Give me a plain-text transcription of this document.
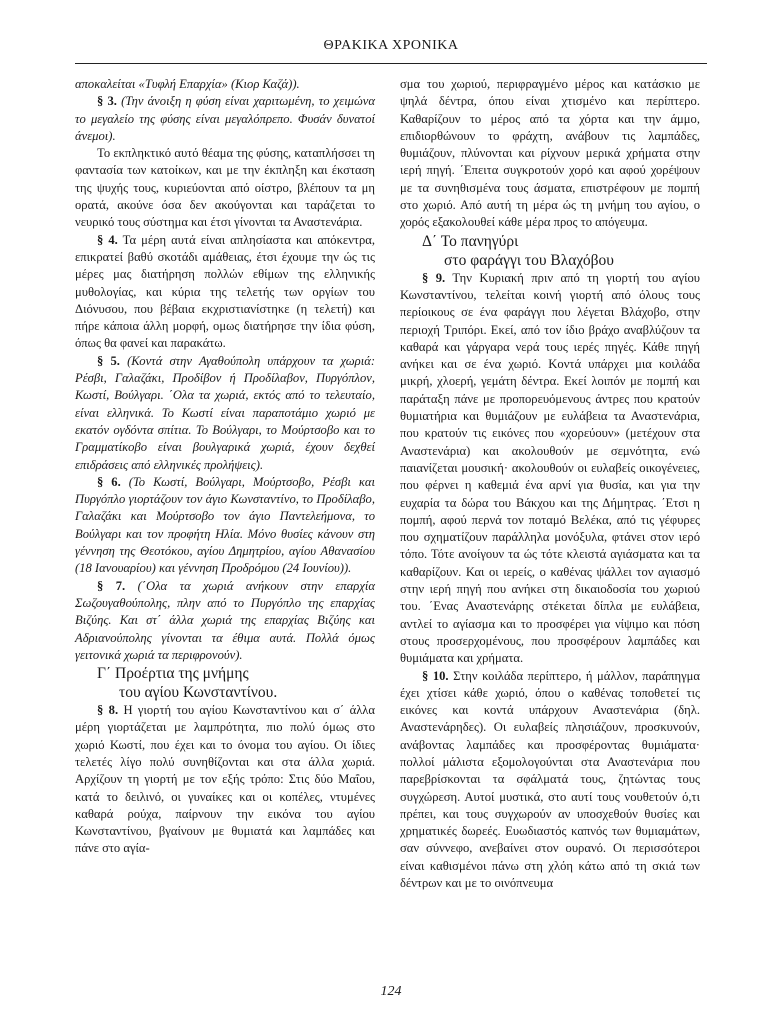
ΘΡΑΚΙΚΑ ΧΡΟΝΙΚΑ

αποκαλείται «Τυφλή Επαρχία» (Κιορ Καζά)).

§ 3. (Την άνοιξη η φύση είναι χαριτωμένη, το χειμώνα το μεγαλείο της φύσης είναι μεγαλόπρεπο. Φυσάν δυνατοί άνεμοι).

Το εκπληκτικό αυτό θέαμα της φύσης, καταπλήσσει τη φαντασία των κατοίκων, και με την έκπληξη και έκσταση της ψυχής τους, κυριεύονται από οίστρο, βλέπουν τα μη ορατά, ακούνε όσα δεν ακούγονται και ταράζεται το νευρικό τους σύστημα και έτσι γίνονται τα Αναστενάρια.

§ 4. Τα μέρη αυτά είναι απλησίαστα και απόκεντρα, επικρατεί βαθύ σκοτάδι αμάθειας, έτσι έχουμε την ώς τις μέρες μας διατήρηση πολλών εθίμων της ελληνικής μυθολογίας, και κύρια της τελετής των οργίων του Διόνυσου, που βέβαια εκχριστιανίστηκε (η τελετή) και πήρε κάποια άλλη μορφή, ομως διατήρησε την ίδια φύση, όπως θα φανεί και παρακάτω.

§ 5. (Κοντά στην Αγαθούπολη υπάρχουν τα χωριά: Ρέσβι, Γαλαζάκι, Προδίβον ή Προδίλαβον, Πυργόπλον, Κωστί, Βούλγαρι. ΄Ολα τα χωριά, εκτός από το τελευταίο, είναι ελληνικά. Το Κωστί είναι παραποτάμιο χωριό με εκατόν ογδόντα σπίτια. Το Βούλγαρι, το Μούρτσοβο και το Γραμματίκοβο είναι βουλγαρικά χωριά, έχουν δεχθεί επιδράσεις από ελληνικές προλήψεις).

§ 6. (Το Κωστί, Βούλγαρι, Μούρτσοβο, Ρέσβι και Πυργόπλο γιορτάζουν τον άγιο Κωνσταντίνο, το Προδίλαβο, Γαλαζάκι και Μούρτσοβο τον άγιο Παντελεήμονα, το Βούλγαρι και τον προφήτη Ηλία. Μόνο θυσίες κάνουν στη γέννηση της Θεοτόκου, αγίου Δημητρίου, αγίου Αθανασίου (18 Ιανουαρίου) και γέννηση Προδρόμου (24 Ιουνίου)).

§ 7. (΄Ολα τα χωριά ανήκουν στην επαρχία Σωζουγαθούπολης, πλην από το Πυργόπλο της επαρχίας Βιζύης. Και στ΄ άλλα χωριά της επαρχίας Βιζύης και Αδριανούπολης γίνονται τα έθιμα αυτά. Πολλά όμως γειτονικά χωριά τα περιφρονούν).

Γ΄ Προέρτια της μνήμης
του αγίου Κωνσταντίνου.

§ 8. Η γιορτή του αγίου Κωνσταντίνου και σ΄ άλλα μέρη γιορτάζεται με λαμπρότητα, πιο πολύ όμως στο χωριό Κωστί, που έχει και το όνομα του αγίου. Οι ίδιες τελετές λίγο πολύ συνηθίζονται και στα άλλα χωριά. Αρχίζουν τη γιορτή με τον εξής τρόπο: Στις δύο Μαΐου, κατά το δειλινό, οι γυναίκες και οι κοπέλες, ντυμένες καθαρά ρούχα, παίρνουν την εικόνα του αγίου Κωνσταντίνου, βγαίνουν με θυμιατά και λαμπάδες και πάνε στο αγία-

σμα του χωριού, περιφραγμένο μέρος και κατάσκιο με ψηλά δέντρα, όπου είναι χτισμένο και περίπτερο. Καθαρίζουν το μέρος από τα χόρτα και την άμμο, επιδιορθώνουν το φράχτη, ανάβουν τις λαμπάδες, θυμιάζουν, πλύνονται και ρίχνουν μερικά χρήματα στην ιερή πηγή. ΄Επειτα συγκροτούν χορό και αφού χορέψουν με τα συνηθισμένα τους άσματα, επιστρέφουν με πομπή στο χωριό. Από αυτή τη μέρα ώς τη μνήμη του αγίου, ο χορός εξακολουθεί κάθε μέρα προς το απόγευμα.

Δ΄ Το πανηγύρι
στο φαράγγι του Βλαχόβου

§ 9. Την Κυριακή πριν από τη γιορτή του αγίου Κωνσταντίνου, τελείται κοινή γιορτή από όλους τους περίοικους σε ένα φαράγγι που λέγεται Βλάχοβο, στην περιοχή Τριπόρι. Εκεί, από τον ίδιο βράχο αναβλύζουν τα καθαρά και γάργαρα νερά τους ιερές πηγές. Κάθε πηγή ανήκει και σε ένα χωριό. Κοντά υπάρχει μια κοιλάδα μικρή, χλοερή, γεμάτη δέντρα. Εκεί λοιπόν με πομπή και παράταξη πάνε με προπορευόμενους άντρες που κρατούν θυμιατήρια και θυμιάζουν με ευλάβεια τα Αναστενάρια, που κρατούν τις εικόνες που «χορεύουν» (μετέχουν στα Αναστενάρια) και ακολουθούν με σεμνότητα, ενώ παιανίζεται μουσική· ακολουθούν οι ευλαβείς οικογένειες, που φέρνει η καθεμιά ένα αρνί για θυσία, και για την ευχαρία τα δώρα του Βάκχου και της Δήμητρας. ΄Ετσι η πομπή, αφού περνά τον ποταμό Βελέκα, από τις γέφυρες που σχηματίζουν παράλληλα μονόξυλα, φτάνει στον ιερό τόπο. Τότε ανοίγουν τα ώς τότε κλειστά αγιάσματα και τα καθαρίζουν. Και οι ιερείς, ο καθένας ψάλλει τον αγιασμό στην ιερή πηγή που ανήκει στη δικαιοδοσία του χωριού του. ΄Ενας Αναστενάρης στέκεται δίπλα με ευλάβεια, αντλεί το αγίασμα και το προσφέρει για νίψιμο και πόση στους προσερχομένους, που προσφέρουν λαμπάδες και θυμιάματα και χρήματα.

§ 10. Στην κοιλάδα περίπτερο, ή μάλλον, παράπηγμα έχει χτίσει κάθε χωριό, όπου ο καθένας τοποθετεί τις εικόνες και κοντά υπάρχουν Αναστενάρια (δηλ. Αναστενάρηδες). Οι ευλαβείς πλησιάζουν, προσκυνούν, ανάβοντας λαμπάδες και προσφέροντας θυμιάματα· πολλοί μάλιστα εξομολογούνται στα Αναστενάρια που παρεβρίσκονται τα σφάλματά τους, ζητώντας τους συγχώρεση. Αυτοί μυστικά, στο αυτί τους νουθετούν ό,τι πρέπει, και τους συγχωρούν αν υποσχεθούν θυσίες και χρηματικές δωρεές. Ευωδιαστός καπνός των θυμιαμάτων, σαν σύννεφο, ανεβαίνει στον ουρανό. Οι περισσότεροι είναι καθισμένοι πάνω στη χλόη κάτω από τη σκιά των δέντρων και με το οινόπνευμα

124
